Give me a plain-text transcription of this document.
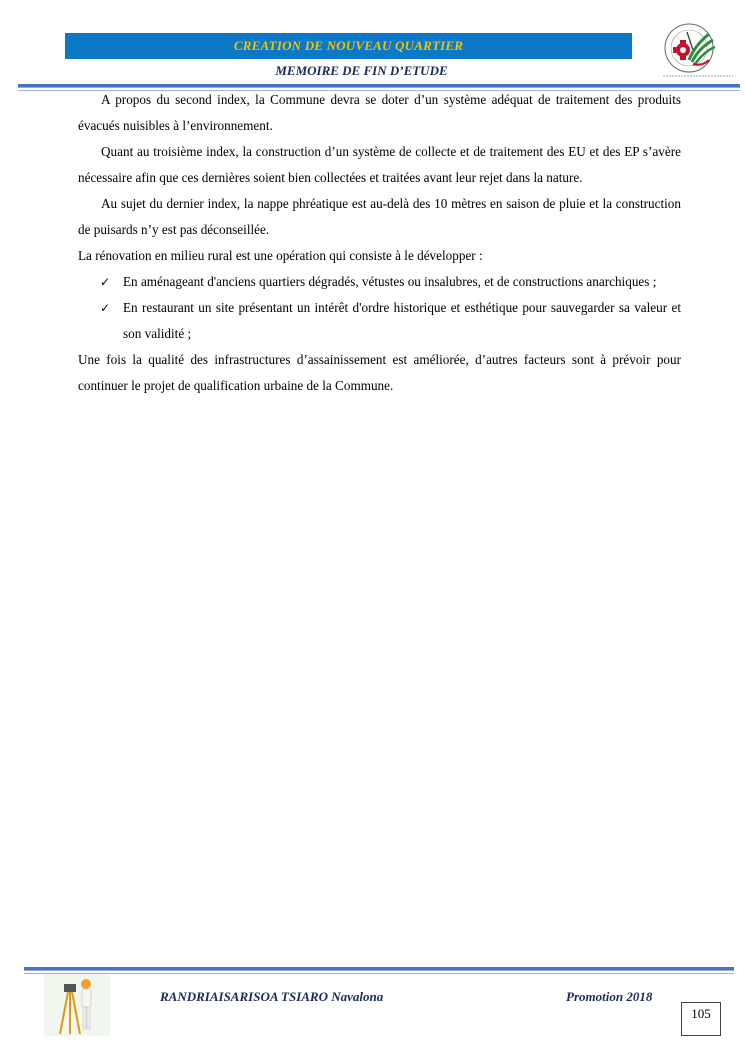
CREATION DE NOUVEAU QUARTIER
MEMOIRE DE FIN D’ETUDE

A propos du second index, la Commune devra se doter d’un système adéquat de traitement des produits évacués nuisibles à l’environnement.

Quant au troisième index, la construction d’un système de collecte et de traitement des EU et des EP s’avère nécessaire afin que ces dernières soient bien collectées et traitées avant leur rejet dans la nature.

Au sujet du dernier index, la nappe phréatique est au-delà des 10 mètres en saison de pluie et la construction de puisards n’y est pas déconseillée.

La rénovation en milieu rural est une opération qui consiste à le développer :

✓ En aménageant d'anciens quartiers dégradés, vétustes ou insalubres, et de constructions anarchiques ;
✓ En restaurant un site présentant un intérêt d'ordre historique et esthétique pour sauvegarder sa valeur et son validité ;

Une fois la qualité des infrastructures d’assainissement est améliorée, d’autres facteurs sont à prévoir pour continuer le projet de qualification urbaine de la Commune.

RANDRIAISARISOA TSIARO Navalona	Promotion 2018
105
